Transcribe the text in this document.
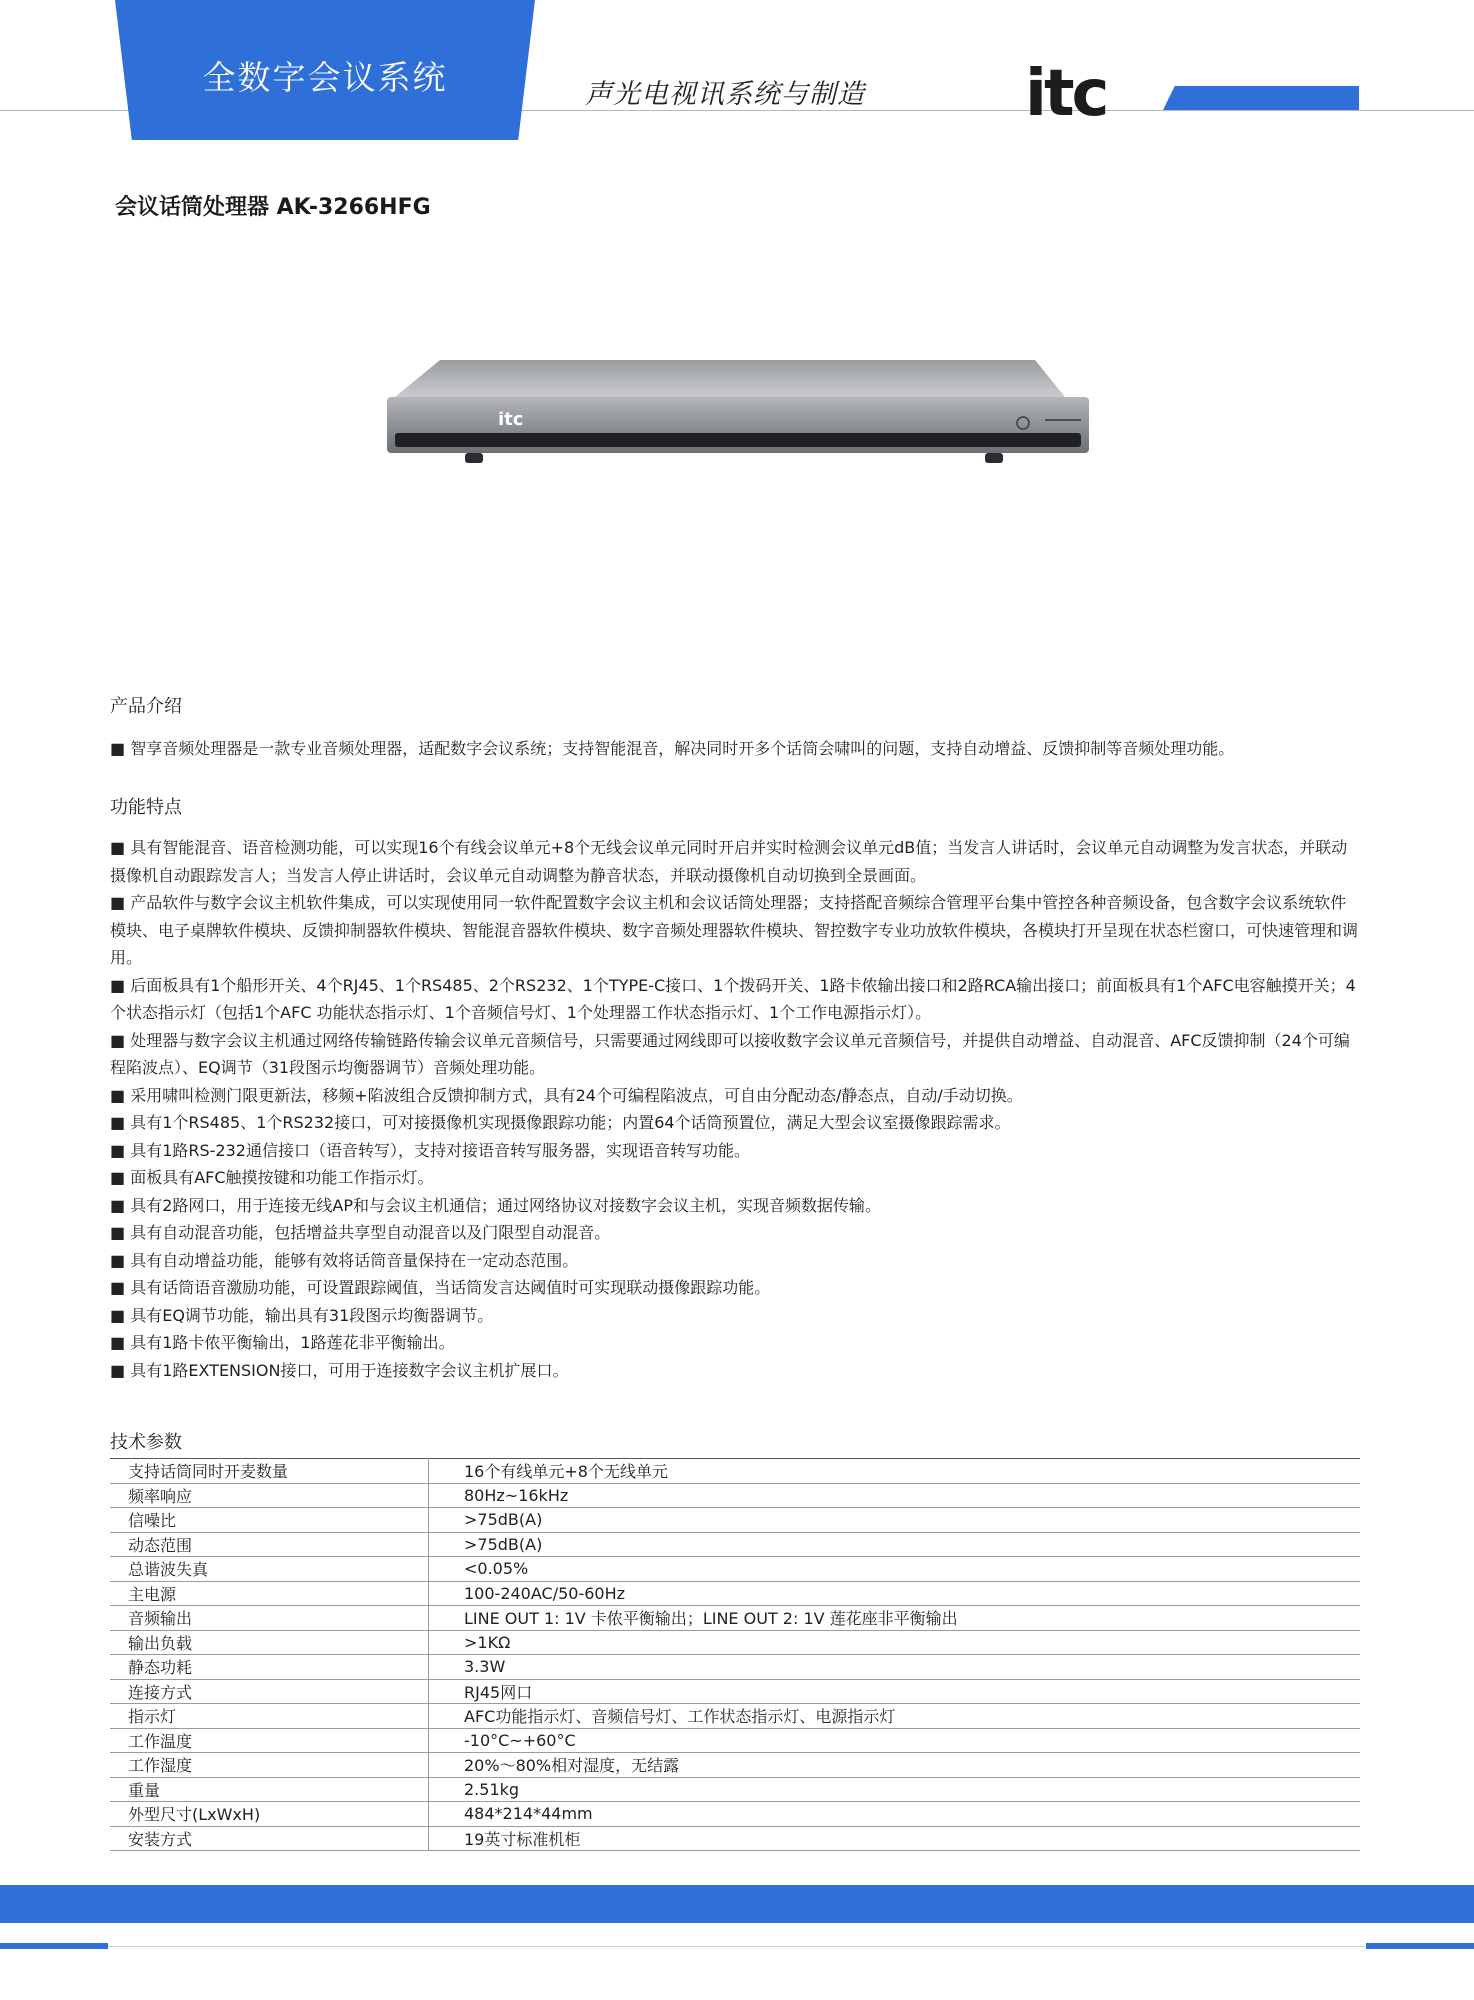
全数字会议系统	声光电视讯系统与制造	itc
会议话筒处理器 AK-3266HFG
itc
产品介绍

■ 智享音频处理器是一款专业音频处理器，适配数字会议系统；支持智能混音，解决同时开多个话筒会啸叫的问题，支持自动增益、反馈抑制等音频处理功能。

功能特点

■ 具有智能混音、语音检测功能，可以实现16个有线会议单元+8个无线会议单元同时开启并实时检测会议单元dB值；当发言人讲话时，会议单元自动调整为发言状态，并联动摄像机自动跟踪发言人；当发言人停止讲话时，会议单元自动调整为静音状态，并联动摄像机自动切换到全景画面。

■ 产品软件与数字会议主机软件集成，可以实现使用同一软件配置数字会议主机和会议话筒处理器；支持搭配音频综合管理平台集中管控各种音频设备，包含数字会议系统软件模块、电子桌牌软件模块、反馈抑制器软件模块、智能混音器软件模块、数字音频处理器软件模块、智控数字专业功放软件模块，各模块打开呈现在状态栏窗口，可快速管理和调用。

■ 后面板具有1个船形开关、4个RJ45、1个RS485、2个RS232、1个TYPE-C接口、1个拨码开关、1路卡侬输出接口和2路RCA输出接口；前面板具有1个AFC电容触摸开关；4个状态指示灯（包括1个AFC 功能状态指示灯、1个音频信号灯、1个处理器工作状态指示灯、1个工作电源指示灯）。

■ 处理器与数字会议主机通过网络传输链路传输会议单元音频信号，只需要通过网线即可以接收数字会议单元音频信号，并提供自动增益、自动混音、AFC反馈抑制（24个可编程陷波点）、EQ调节（31段图示均衡器调节）音频处理功能。

■ 采用啸叫检测门限更新法，移频+陷波组合反馈抑制方式，具有24个可编程陷波点，可自由分配动态/静态点，自动/手动切换。

■ 具有1个RS485、1个RS232接口，可对接摄像机实现摄像跟踪功能；内置64个话筒预置位，满足大型会议室摄像跟踪需求。

■ 具有1路RS-232通信接口（语音转写），支持对接语音转写服务器，实现语音转写功能。

■ 面板具有AFC触摸按键和功能工作指示灯。

■ 具有2路网口，用于连接无线AP和与会议主机通信；通过网络协议对接数字会议主机，实现音频数据传输。

■ 具有自动混音功能，包括增益共享型自动混音以及门限型自动混音。

■ 具有自动增益功能，能够有效将话筒音量保持在一定动态范围。

■ 具有话筒语音激励功能，可设置跟踪阈值，当话筒发言达阈值时可实现联动摄像跟踪功能。

■ 具有EQ调节功能，输出具有31段图示均衡器调节。

■ 具有1路卡侬平衡输出，1路莲花非平衡输出。

■ 具有1路EXTENSION接口，可用于连接数字会议主机扩展口。

技术参数
支持话筒同时开麦数量	16个有线单元+8个无线单元
频率响应	80Hz~16kHz
信噪比	>75dB(A)
动态范围	>75dB(A)
总谐波失真	<0.05%
主电源	100-240AC/50-60Hz
音频输出	LINE OUT 1: 1V 卡侬平衡输出；LINE OUT 2: 1V 莲花座非平衡输出
输出负载	>1KΩ
静态功耗	3.3W
连接方式	RJ45网口
指示灯	AFC功能指示灯、音频信号灯、工作状态指示灯、电源指示灯
工作温度	-10°C~+60°C
工作湿度	20%～80%相对湿度，无结露
重量	2.51kg
外型尺寸(LxWxH)	484*214*44mm
安装方式	19英寸标准机柜
